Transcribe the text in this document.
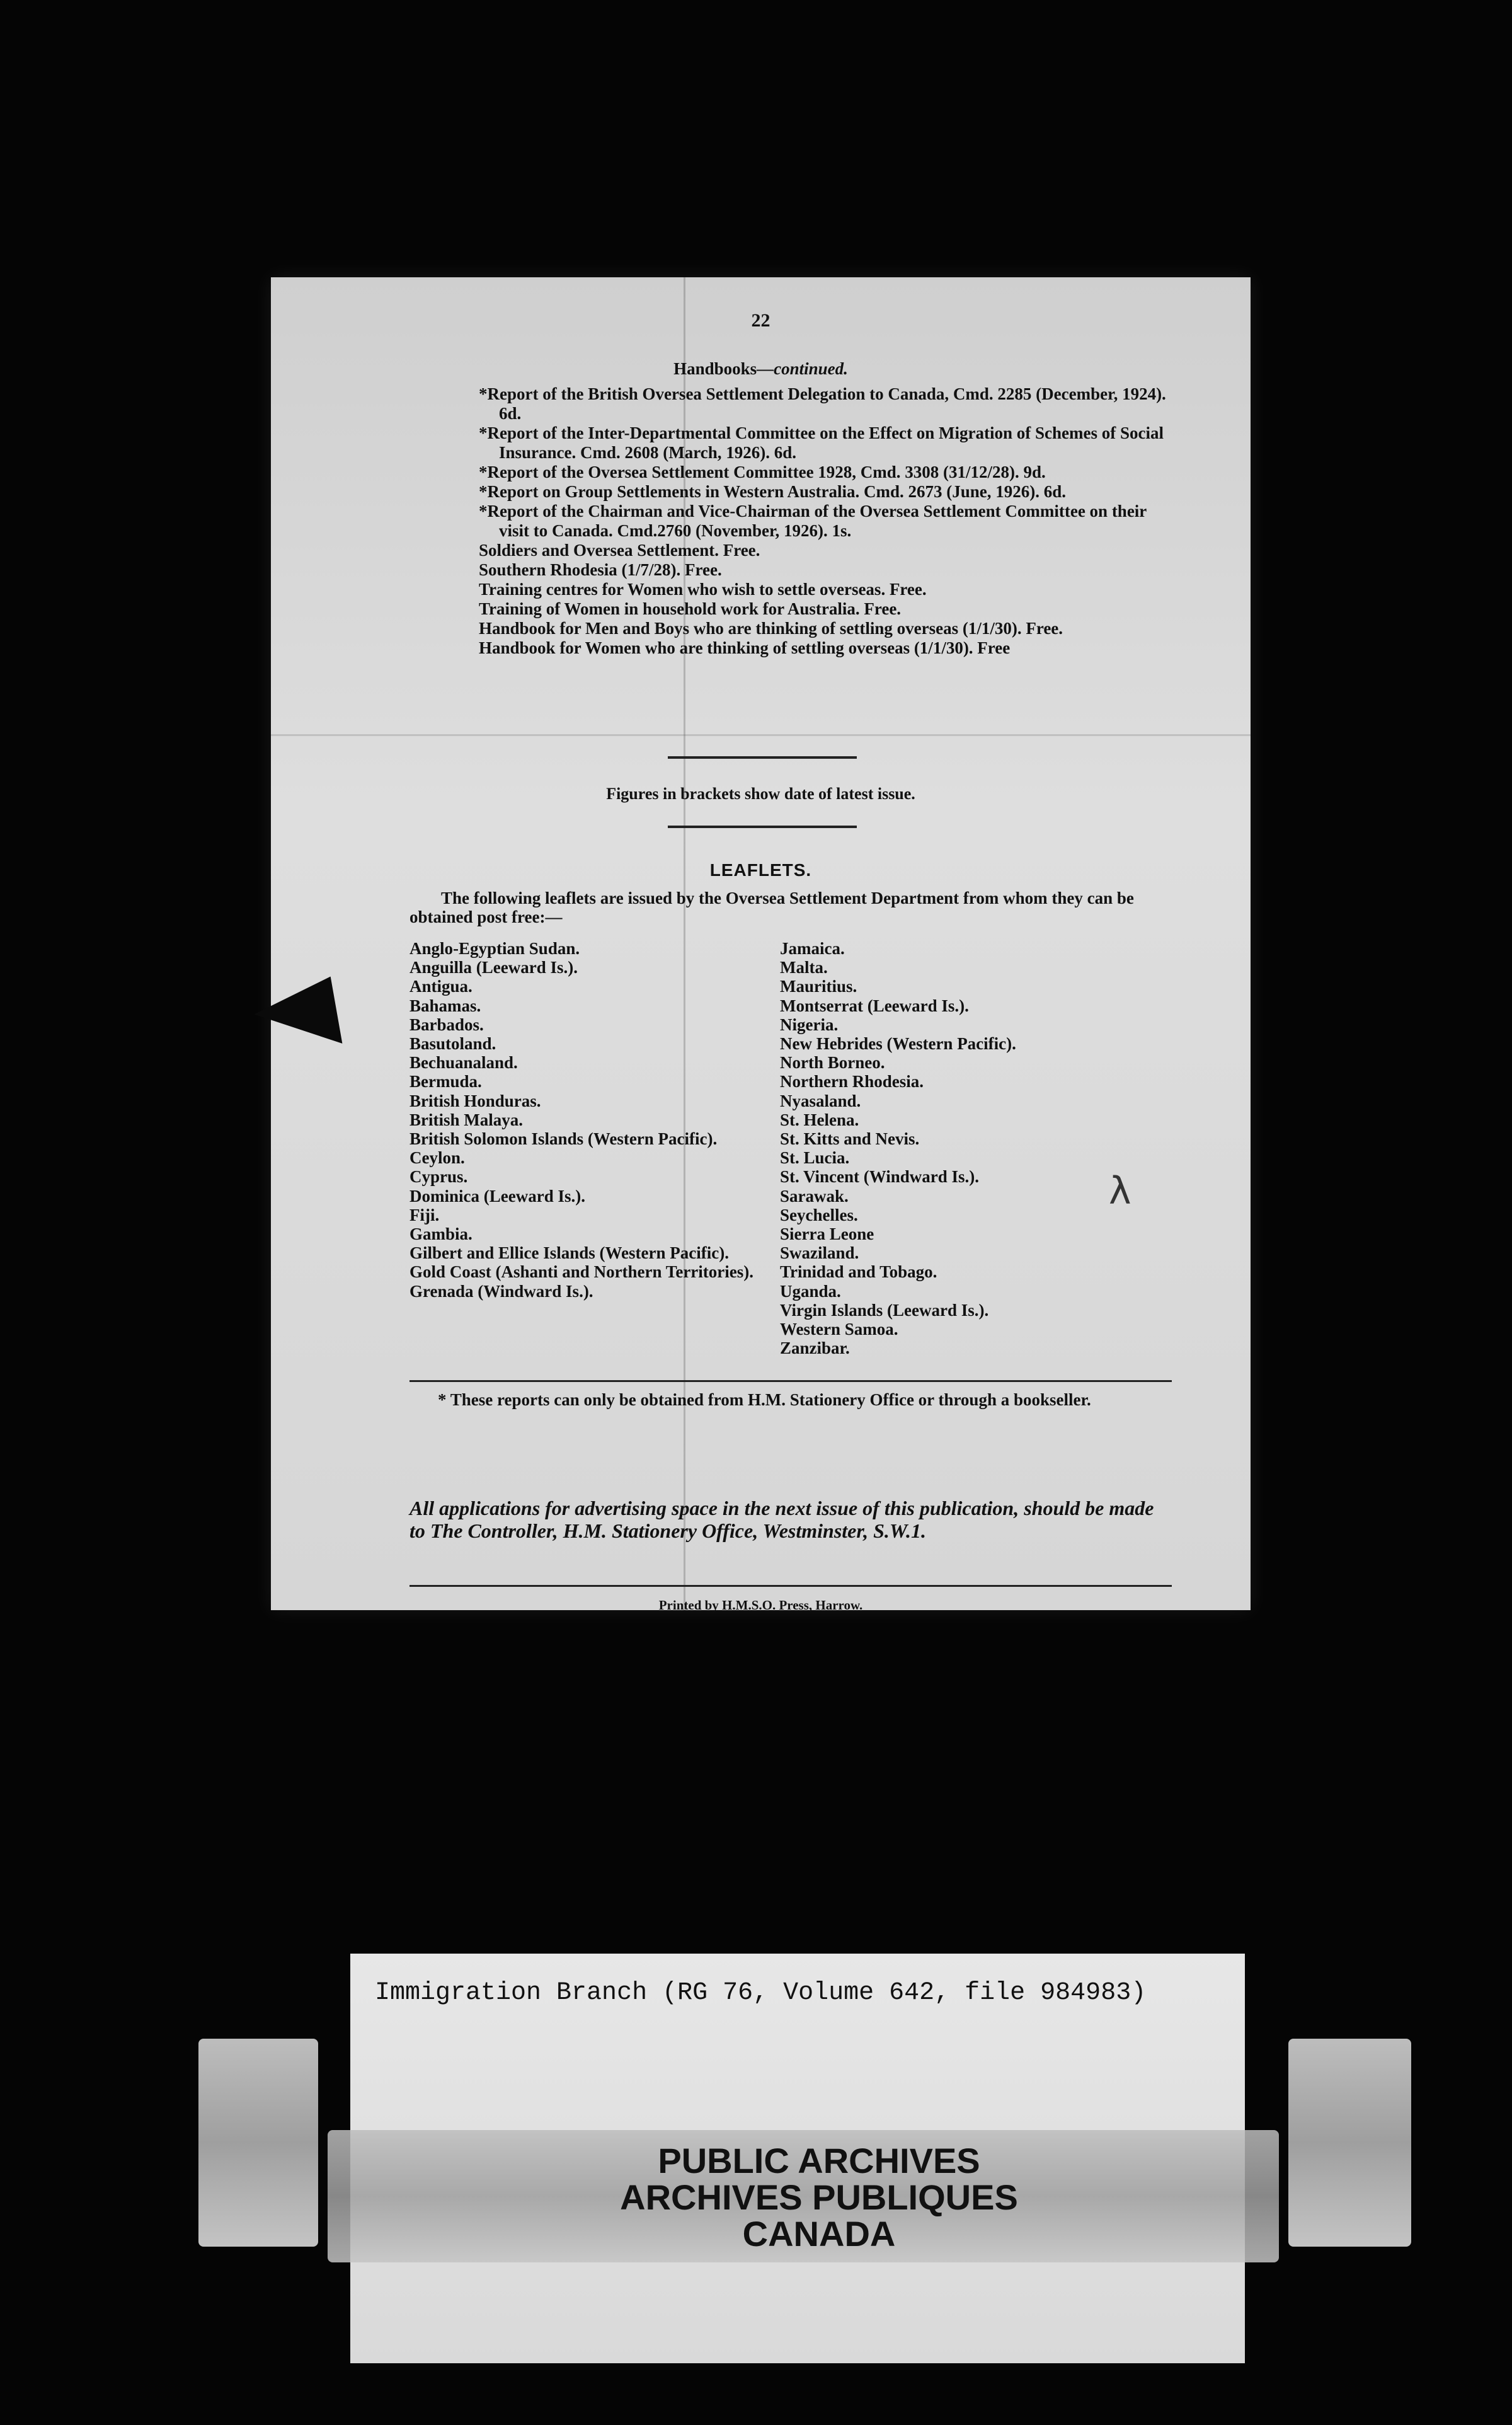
22
Handbooks—continued.

*Report of the British Oversea Settlement Delegation to Canada, Cmd. 2285 (December, 1924). 6d.

*Report of the Inter-Departmental Committee on the Effect on Migration of Schemes of Social Insurance. Cmd. 2608 (March, 1926). 6d.

*Report of the Oversea Settlement Committee 1928, Cmd. 3308 (31/12/28). 9d.

*Report on Group Settlements in Western Australia. Cmd. 2673 (June, 1926). 6d.

*Report of the Chairman and Vice-Chairman of the Oversea Settlement Committee on their visit to Canada. Cmd.2760 (November, 1926). 1s.

Soldiers and Oversea Settlement. Free.

Southern Rhodesia (1/7/28). Free.

Training centres for Women who wish to settle overseas. Free.

Training of Women in household work for Australia. Free.

Handbook for Men and Boys who are thinking of settling overseas (1/1/30). Free.

Handbook for Women who are thinking of settling overseas (1/1/30). Free

Figures in brackets show date of latest issue.
LEAFLETS.
The following leaflets are issued by the Oversea Settlement Department from whom they can be obtained post free:—

Anglo-Egyptian Sudan.

Anguilla (Leeward Is.).

Antigua.

Bahamas.

Barbados.

Basutoland.

Bechuanaland.

Bermuda.

British Honduras.

British Malaya.

British Solomon Islands (Western Pacific).

Ceylon.

Cyprus.

Dominica (Leeward Is.).

Fiji.

Gambia.

Gilbert and Ellice Islands (Western Pacific).

Gold Coast (Ashanti and Northern Territories).

Grenada (Windward Is.).

Jamaica.

Malta.

Mauritius.

Montserrat (Leeward Is.).

Nigeria.

New Hebrides (Western Pacific).

North Borneo.

Northern Rhodesia.

Nyasaland.

St. Helena.

St. Kitts and Nevis.

St. Lucia.

St. Vincent (Windward Is.).

Sarawak.

Seychelles.

Sierra Leone

Swaziland.

Trinidad and Tobago.

Uganda.

Virgin Islands (Leeward Is.).

Western Samoa.

Zanzibar.

* These reports can only be obtained from H.M. Stationery Office or through a bookseller.
All applications for advertising space in the next issue of this publication, should be made to The Controller, H.M. Stationery Office, Westminster, S.W.1.
Printed by H.M.S.O. Press, Harrow.
λ
Immigration Branch (RG 76, Volume 642, file 984983)
PUBLIC ARCHIVES
ARCHIVES PUBLIQUES
CANADA
